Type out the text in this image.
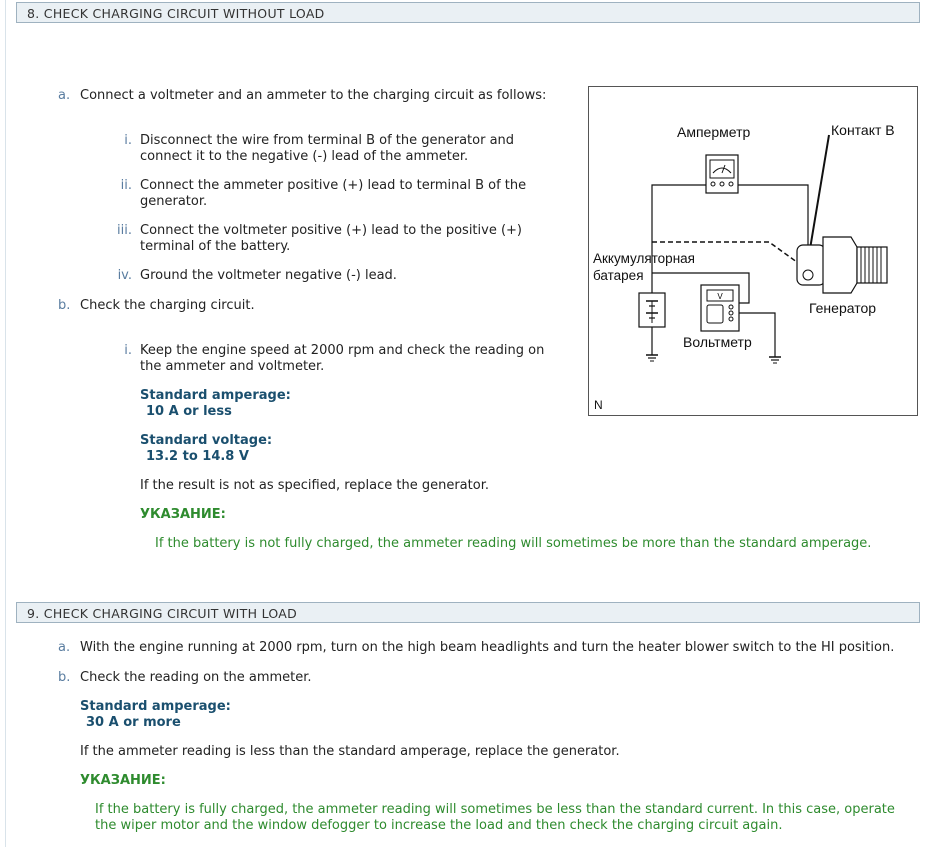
8. CHECK CHARGING CIRCUIT WITHOUT LOAD
a. Connect a voltmeter and an ammeter to the charging circuit as follows:
i. Disconnect the wire from terminal B of the generator and
connect it to the negative (-) lead of the ammeter.
ii. Connect the ammeter positive (+) lead to terminal B of the
generator.
iii. Connect the voltmeter positive (+) lead to the positive (+)
terminal of the battery.
iv. Ground the voltmeter negative (-) lead.
b. Check the charging circuit.
i. Keep the engine speed at 2000 rpm and check the reading on
the ammeter and voltmeter.
Standard amperage:
10 A or less
Standard voltage:
13.2 to 14.8 V
If the result is not as specified, replace the generator.
УКАЗАНИЕ:
If the battery is not fully charged, the ammeter reading will sometimes be more than the standard amperage.
V
Амперметр	Контакт B
Аккумуляторная
батарея
Генератор
Вольтметр
N
9. CHECK CHARGING CIRCUIT WITH LOAD
a. With the engine running at 2000 rpm, turn on the high beam headlights and turn the heater blower switch to the HI position.
b. Check the reading on the ammeter.
Standard amperage:
30 A or more
If the ammeter reading is less than the standard amperage, replace the generator.
УКАЗАНИЕ:
If the battery is fully charged, the ammeter reading will sometimes be less than the standard current. In this case, operate
the wiper motor and the window defogger to increase the load and then check the charging circuit again.
